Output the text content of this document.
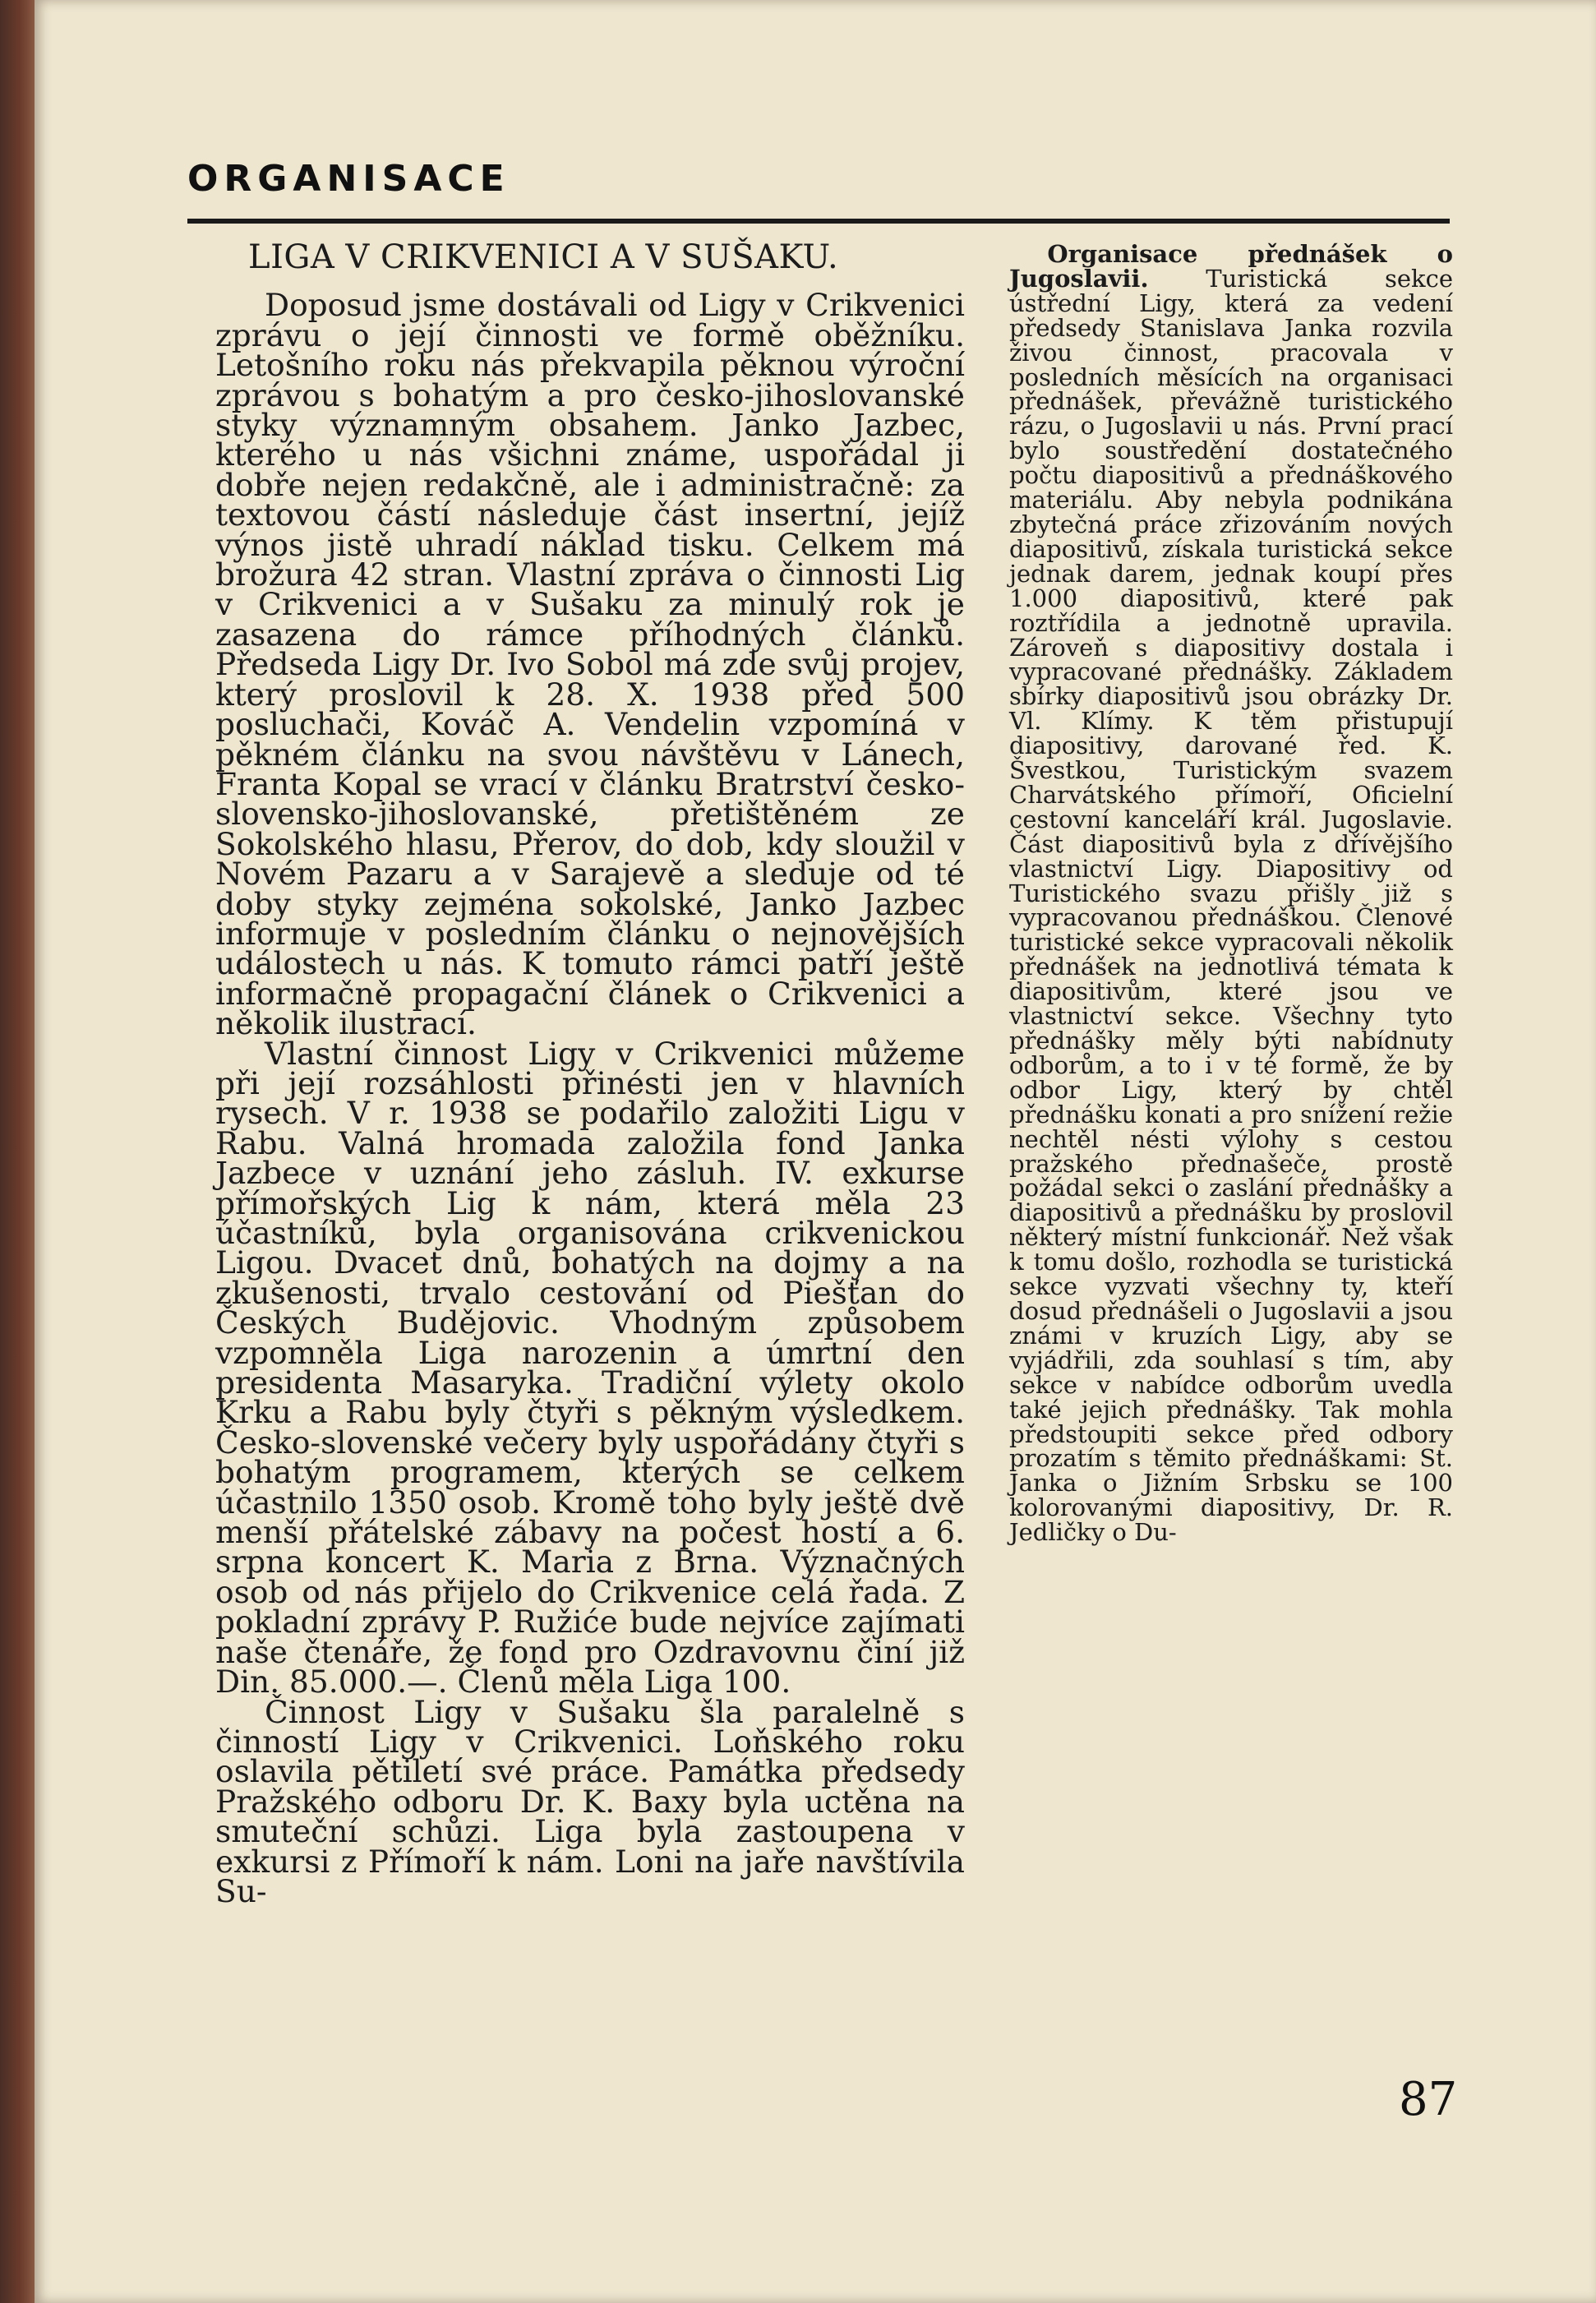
ORGANISACE
LIGA V CRIKVENICI A V SUŠAKU.

Doposud jsme dostávali od Ligy v Crikvenici zprávu o její činnosti ve formě oběžníku. Letošního roku nás překvapila pěknou výroční zprávou s bohatým a pro česko-jihoslovanské styky významným obsahem. Janko Jazbec, kterého u nás všichni známe, uspořádal ji dobře nejen redakčně, ale i administračně: za textovou částí následuje část insertní, jejíž výnos jistě uhradí náklad tisku. Celkem má brožura 42 stran. Vlastní zpráva o činnosti Lig v Crikvenici a v Sušaku za minulý rok je zasazena do rámce příhodných článků. Předseda Ligy Dr. Ivo Sobol má zde svůj projev, který proslovil k 28. X. 1938 před 500 posluchači, Kováč A. Vendelin vzpomíná v pěkném článku na svou návštěvu v Lánech, Franta Kopal se vrací v článku Bratrství česko-slovensko-jihoslovanské, přetištěném ze Sokolského hlasu, Přerov, do dob, kdy sloužil v Novém Pazaru a v Sarajevě a sleduje od té doby styky zejména sokolské, Janko Jazbec informuje v posledním článku o nejnovějších událostech u nás. K tomuto rámci patří ještě informačně propagační článek o Crikvenici a několik ilustrací.

Vlastní činnost Ligy v Crikvenici můžeme při její rozsáhlosti přinésti jen v hlavních rysech. V r. 1938 se podařilo založiti Ligu v Rabu. Valná hromada založila fond Janka Jazbece v uznání jeho zásluh. IV. exkurse přímořských Lig k nám, která měla 23 účastníků, byla organisována crikvenickou Ligou. Dvacet dnů, bohatých na dojmy a na zkušenosti, trvalo cestování od Piešťan do Českých Budějovic. Vhodným způsobem vzpomněla Liga narozenin a úmrtní den presidenta Masaryka. Tradiční výlety okolo Krku a Rabu byly čtyři s pěkným výsledkem. Česko-slovenské večery byly uspořádány čtyři s bohatým programem, kterých se celkem účastnilo 1350 osob. Kromě toho byly ještě dvě menší přátelské zábavy na počest hostí a 6. srpna koncert K. Maria z Brna. Význačných osob od nás přijelo do Crikvenice celá řada. Z pokladní zprávy P. Ružiće bude nejvíce zajímati naše čtenáře, že fond pro Ozdravovnu činí již Din. 85.000.—. Členů měla Liga 100.

Činnost Ligy v Sušaku šla paralelně s činností Ligy v Crikvenici. Loňského roku oslavila pětiletí své práce. Památka předsedy Pražského odboru Dr. K. Baxy byla uctěna na smuteční schůzi. Liga byla zastoupena v exkursi z Přímoří k nám. Loni na jaře navštívila Su-

Organisace přednášek o Jugoslavii. Turistická sekce ústřední Ligy, která za vedení předsedy Stanislava Janka rozvila živou činnost, pracovala v posledních měsících na organisaci přednášek, převážně turistického rázu, o Jugoslavii u nás. První prací bylo soustředění dostatečného počtu diapositivů a přednáškového materiálu. Aby nebyla podnikána zbytečná práce zřizováním nových diapositivů, získala turistická sekce jednak darem, jednak koupí přes 1.000 diapositivů, které pak roztřídila a jednotně upravila. Zároveň s diapositivy dostala i vypracované přednášky. Základem sbírky diapositivů jsou obrázky Dr. Vl. Klímy. K těm přistupují diapositivy, darované řed. K. Švestkou, Turistickým svazem Charvátského přímoří, Oficielní cestovní kanceláří král. Jugoslavie. Část diapositivů byla z dřívějšího vlastnictví Ligy. Diapositivy od Turistického svazu přišly již s vypracovanou přednáškou. Členové turistické sekce vypracovali několik přednášek na jednotlivá témata k diapositivům, které jsou ve vlastnictví sekce. Všechny tyto přednášky měly býti nabídnuty odborům, a to i v té formě, že by odbor Ligy, který by chtěl přednášku konati a pro snížení režie nechtěl nésti výlohy s cestou pražského přednašeče, prostě požádal sekci o zaslání přednášky a diapositivů a přednášku by proslovil některý místní funkcionář. Než však k tomu došlo, rozhodla se turistická sekce vyzvati všechny ty, kteří dosud přednášeli o Jugoslavii a jsou známi v kruzích Ligy, aby se vyjádřili, zda souhlasí s tím, aby sekce v nabídce odborům uvedla také jejich přednášky. Tak mohla předstoupiti sekce před odbory prozatím s těmito přednáškami: St. Janka o Jižním Srbsku se 100 kolorovanými diapositivy, Dr. R. Jedličky o Du-

87
